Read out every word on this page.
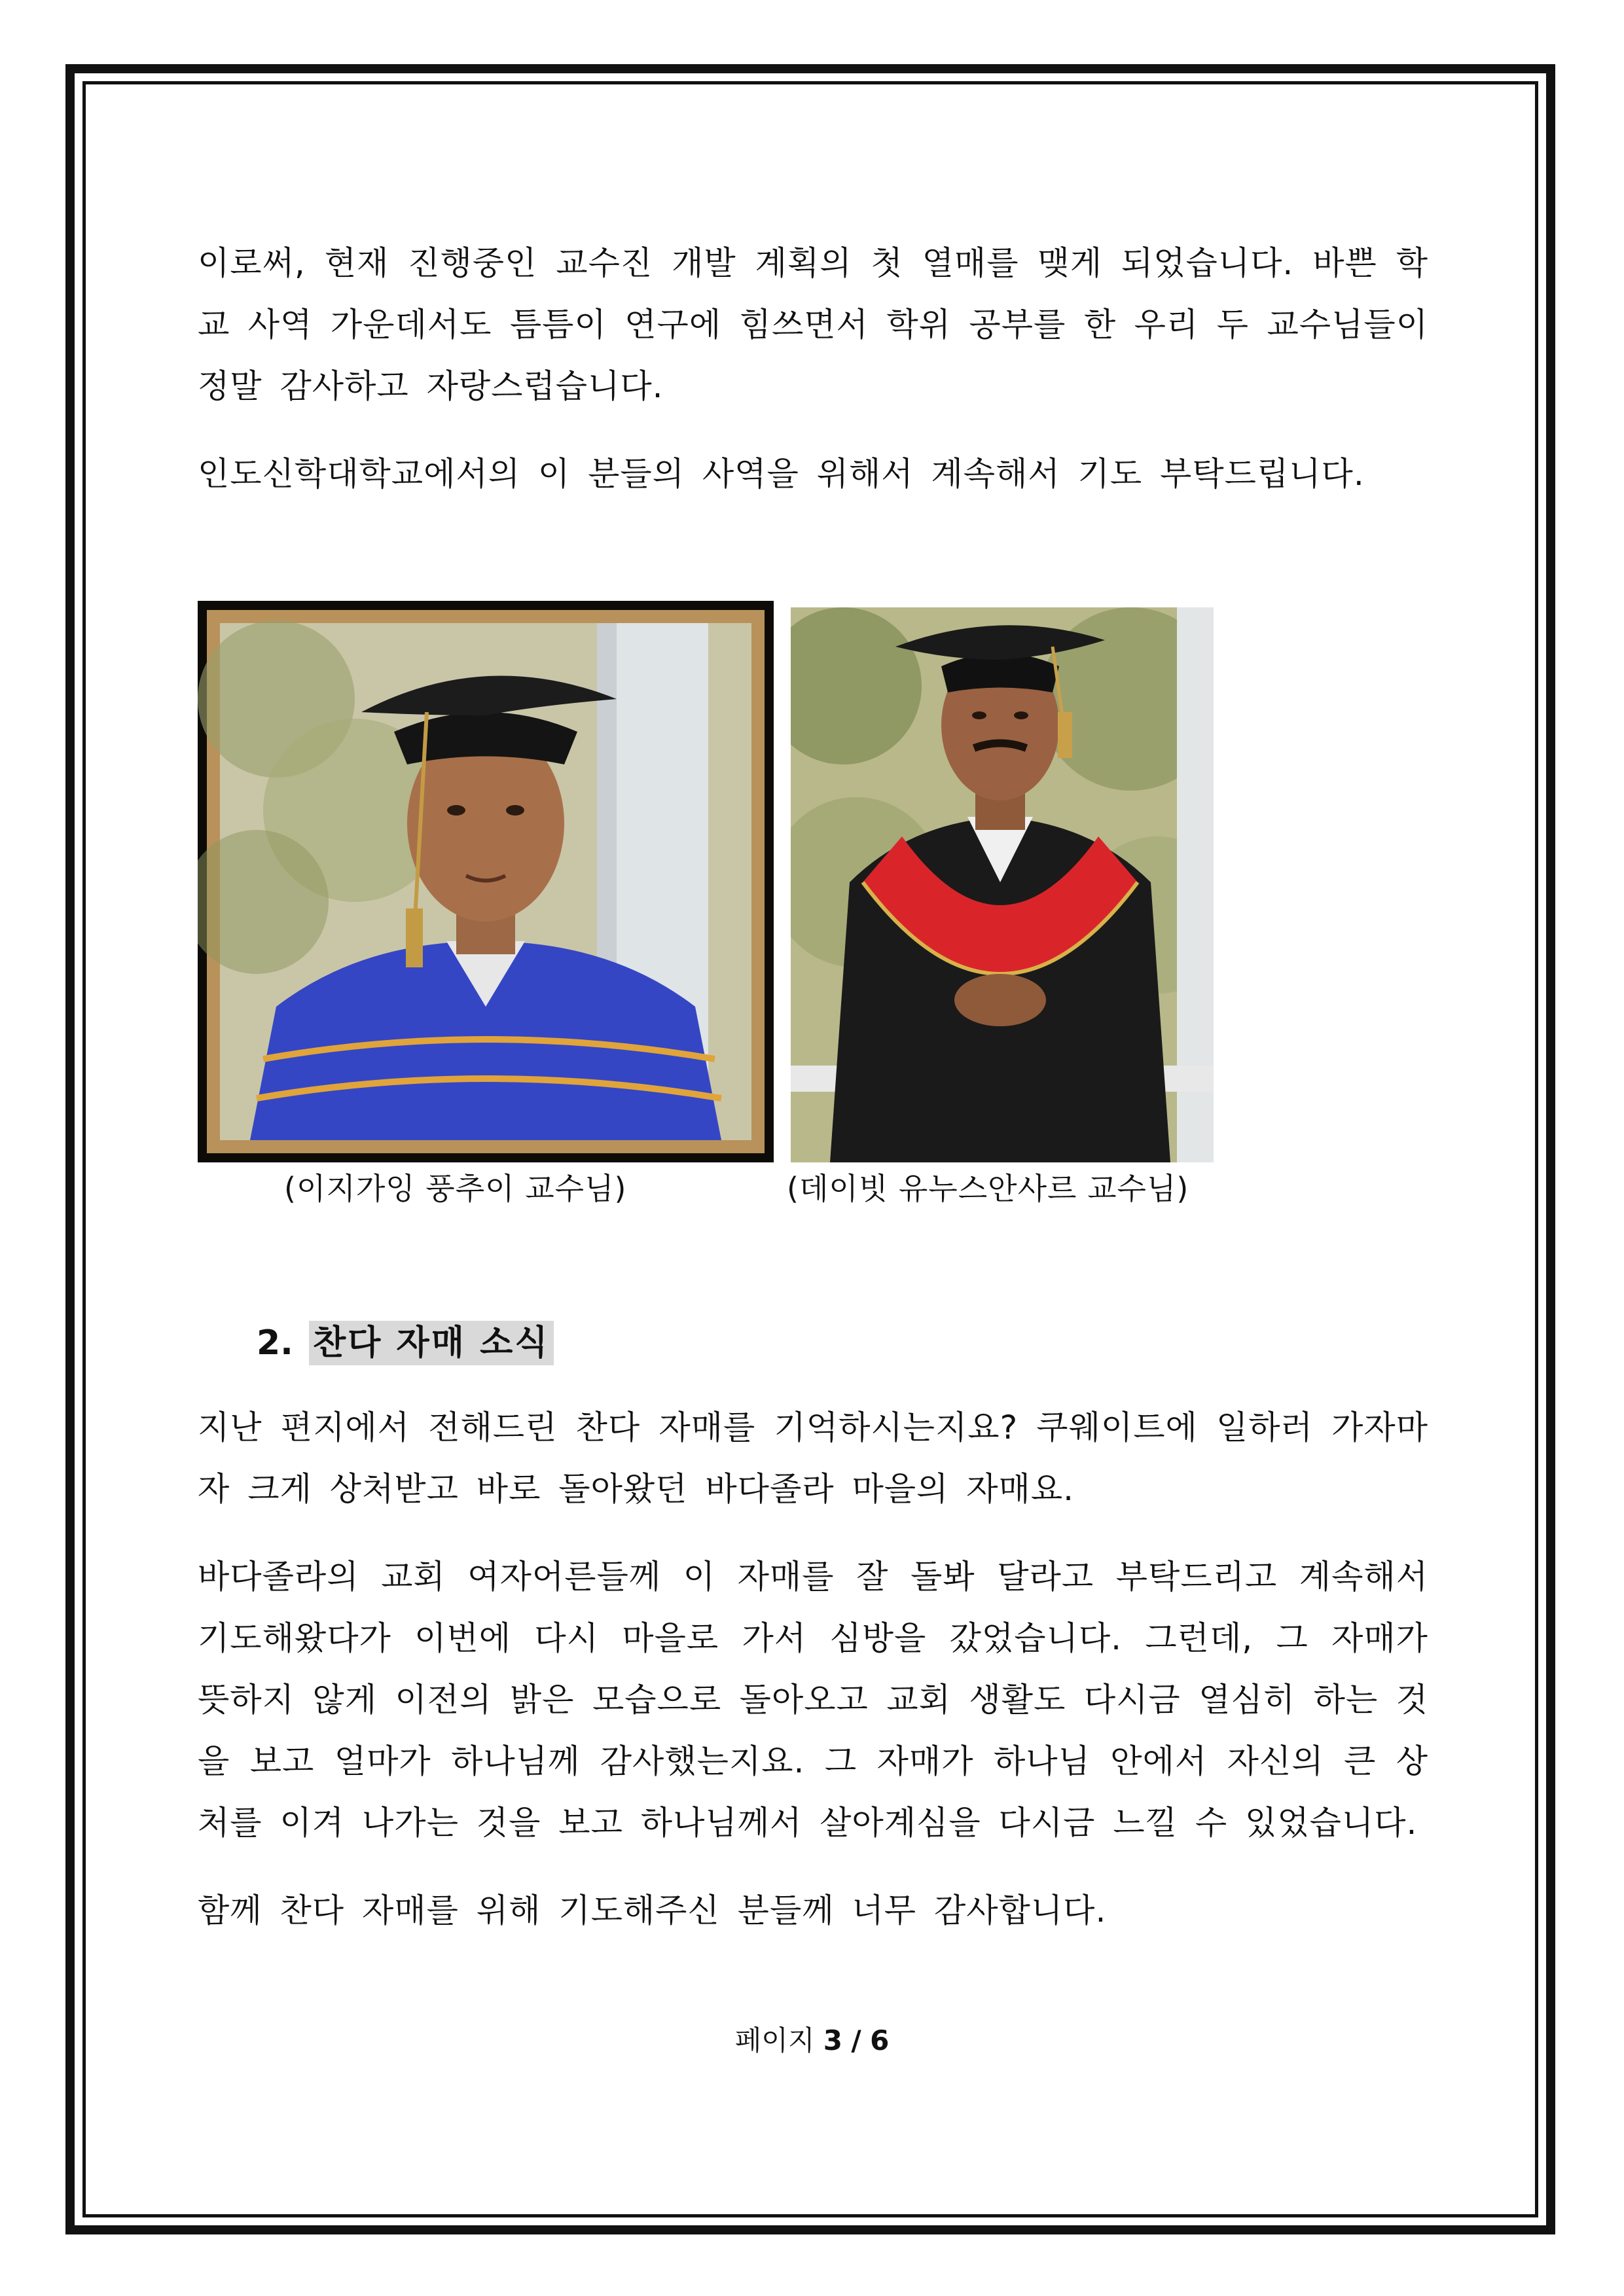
이로써, 현재 진행중인 교수진 개발 계획의 첫 열매를 맺게 되었습니다. 바쁜 학교 사역 가운데서도 틈틈이 연구에 힘쓰면서 학위 공부를 한 우리 두 교수님들이 정말 감사하고 자랑스럽습니다.

인도신학대학교에서의 이 분들의 사역을 위해서 계속해서 기도 부탁드립니다.

(이지가잉 풍추이 교수님)	(데이빗 유누스안사르 교수님)
2. 찬다 자매 소식

지난 편지에서 전해드린 찬다 자매를 기억하시는지요? 쿠웨이트에 일하러 가자마자 크게 상처받고 바로 돌아왔던 바다졸라 마을의 자매요.

바다졸라의 교회 여자어른들께 이 자매를 잘 돌봐 달라고 부탁드리고 계속해서 기도해왔다가 이번에 다시 마을로 가서 심방을 갔었습니다. 그런데, 그 자매가 뜻하지 않게 이전의 밝은 모습으로 돌아오고 교회 생활도 다시금 열심히 하는 것을 보고 얼마가 하나님께 감사했는지요. 그 자매가 하나님 안에서 자신의 큰 상처를 이겨 나가는 것을 보고 하나님께서 살아계심을 다시금 느낄 수 있었습니다.

함께 찬다 자매를 위해 기도해주신 분들께 너무 감사합니다.

페이지 3 / 6
